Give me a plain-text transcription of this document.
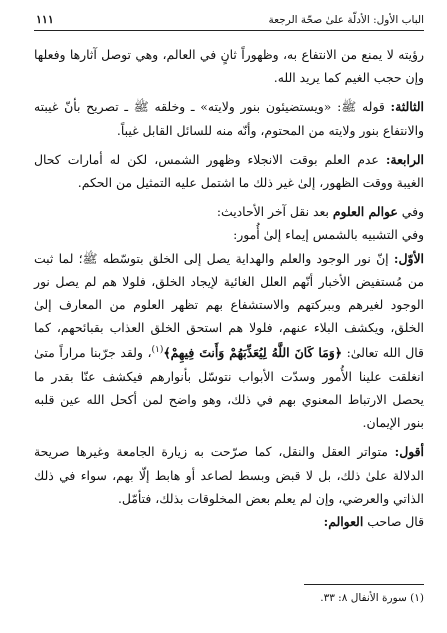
الباب الأول: الأدلّة علىٰ صحّة الرجعة
١١١

رؤيته لا يمنع من الانتفاع به، وظهوراً ثانٍ في العالم، وهي توصل آثارها وفعلها وإن حجب الغيم كما يريد الله.

الثالثة: قوله ﷺ: «ويستضيئون بنور ولايته» ـ وخلقه ﷺ ـ تصريح بأنّ غيبته والانتفاع بنور ولايته من المحتوم، وأنّه منه للسائل القابل غيباً.

الرابعة: عدم العلم بوقت الانجلاء وظهور الشمس، لكن له أمارات كحال الغيبة ووقت الظهور، إلىٰ غير ذلك ما اشتمل عليه التمثيل من الحكم.

وفي عوالم العلوم بعد نقل آخر الأحاديث:

وفي التشبيه بالشمس إيماء إلىٰ أُمور:

الأوّل: إنّ نور الوجود والعلم والهداية يصل إلى الخلق بتوسّطه ﷺ؛ لما ثبت من مُستفيض الأخبار أنّهم العلل الغائية لإيجاد الخلق، فلولا هم لم يصل نور الوجود لغيرهم وببركتهم والاستشفاع بهم تظهر العلوم من المعارف إلىٰ الخلق، ويكشف البلاء عنهم، فلولا هم استحق الخلق العذاب بقبائحهم، كما قال الله تعالىٰ: ﴿وَمَا كَانَ اللَّهُ لِيُعَذِّبَهُمْ وَأَنتَ فِيهِمْ﴾$^{(١)}$، ولقد جرّبنا مراراً متىٰ انغلقت علينا الأُمور وسدّت الأبواب نتوسّل بأنوارهم فيكشف عنّا بقدر ما يحصل الارتباط المعنوي بهم في ذلك، وهو واضح لمن أكحل الله عين قلبه بنور الإيمان.

أقول: متواتر العقل والنقل، كما صرّحت به زيارة الجامعة وغيرها صريحة الدلالة علىٰ ذلك، بل لا قبض وبسط لصاعد أو هابط إلّا بهم، سواء في ذلك الذاتي والعرضي، وإن لم يعلم بعض المخلوقات بذلك، فتأمّل.

قال صاحب العوالم:

(١) سورة الأنفال ٨: ٣٣.
